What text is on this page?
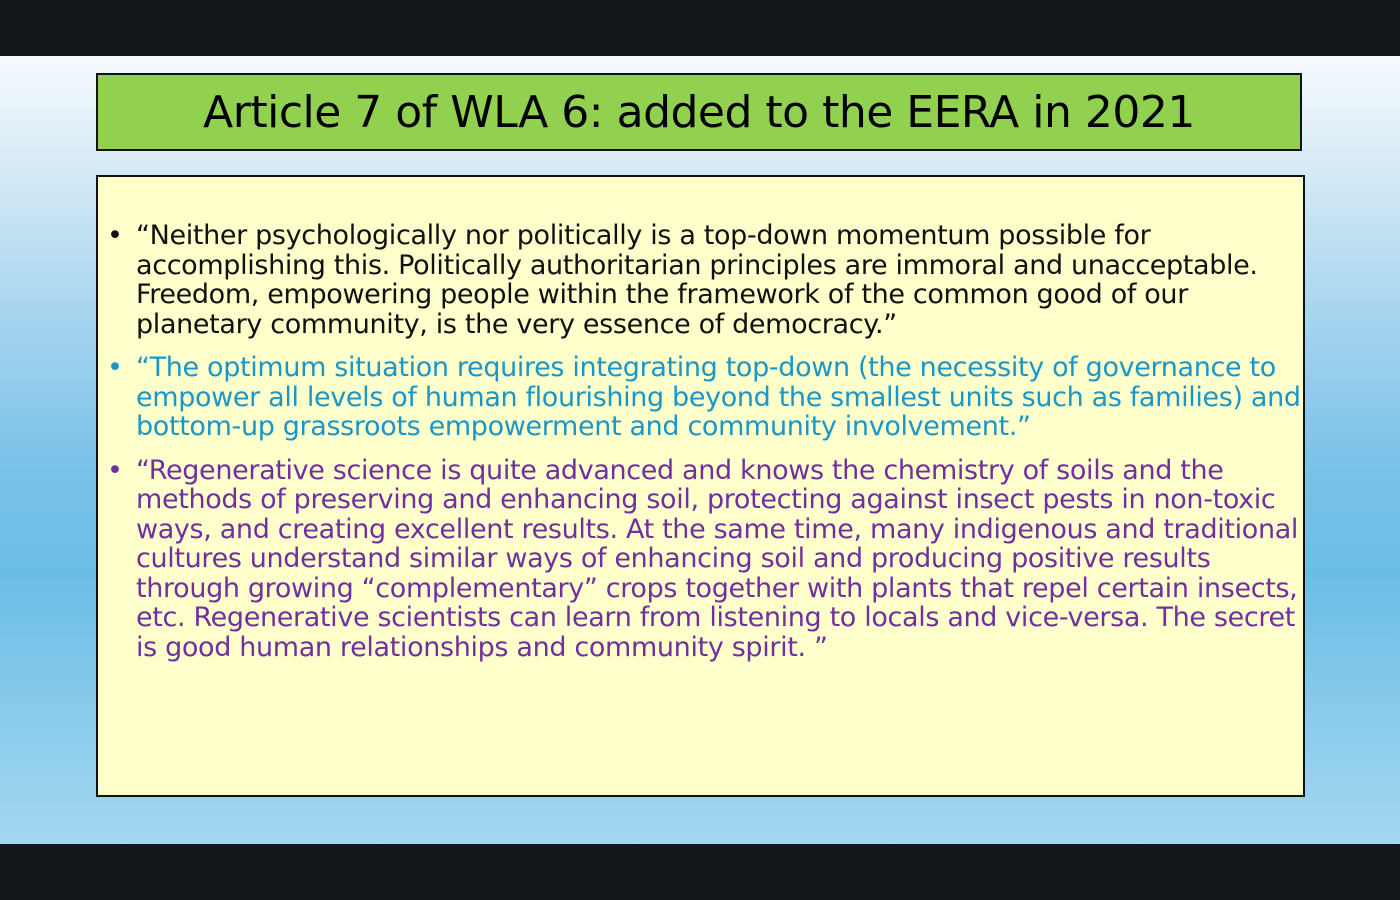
Article 7 of WLA 6: added to the EERA in 2021
• “Neither psychologically nor politically is a top-down momentum possible for accomplishing this. Politically authoritarian principles are immoral and unacceptable. Freedom, empowering people within the framework of the common good of our planetary community, is the very essence of democracy.”
• “The optimum situation requires integrating top-down (the necessity of governance to empower all levels of human flourishing beyond the smallest units such as families) and bottom-up grassroots empowerment and community involvement.”
• “Regenerative science is quite advanced and knows the chemistry of soils and the methods of preserving and enhancing soil, protecting against insect pests in non-toxic ways, and creating excellent results. At the same time, many indigenous and traditional cultures understand similar ways of enhancing soil and producing positive results through growing “complementary” crops together with plants that repel certain insects, etc. Regenerative scientists can learn from listening to locals and vice-versa. The secret is good human relationships and community spirit. ”
